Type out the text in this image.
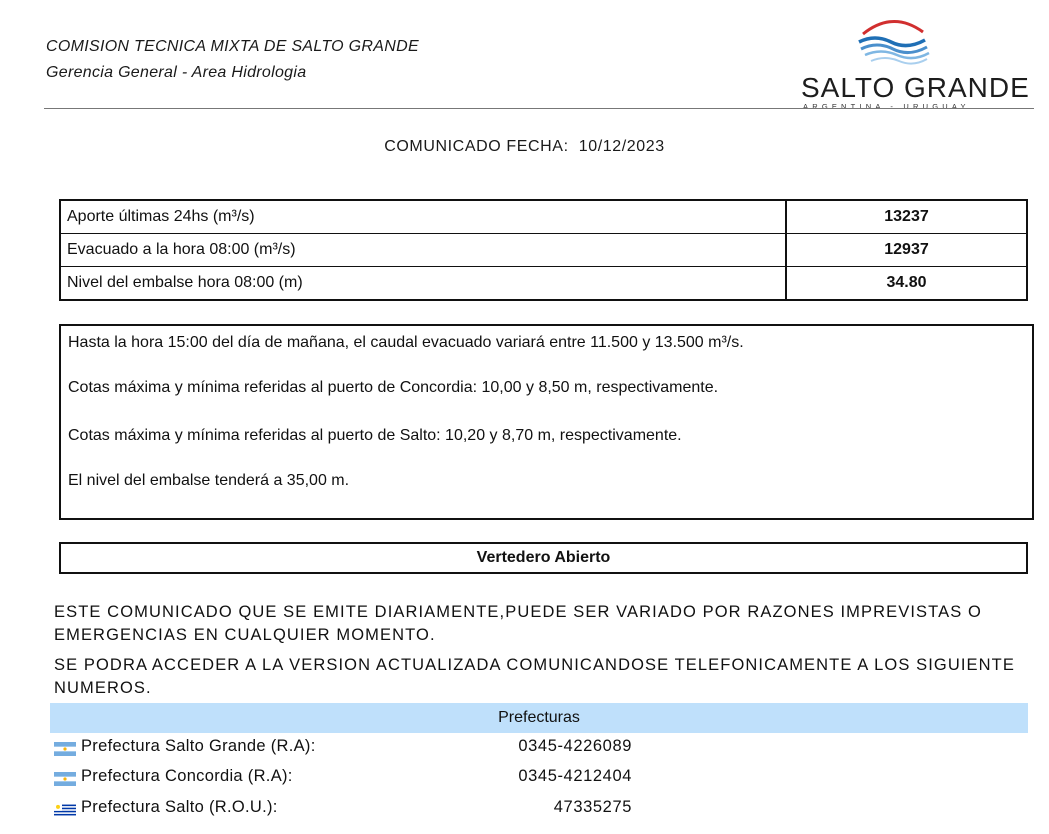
COMISION TECNICA MIXTA DE SALTO GRANDE
Gerencia General - Area Hidrologia	SALTO GRANDE
ARGENTINA - URUGUAY
COMUNICADO FECHA: 10/12/2023
Aporte últimas 24hs (m³/s)	13237
Evacuado a la hora 08:00 (m³/s)	12937
Nivel del embalse hora 08:00 (m)	34.80

Hasta la hora 15:00 del día de mañana, el caudal evacuado variará entre 11.500 y 13.500 m³/s.

Cotas máxima y mínima referidas al puerto de Concordia: 10,00 y 8,50 m, respectivamente.

Cotas máxima y mínima referidas al puerto de Salto: 10,20 y 8,70 m, respectivamente.

El nivel del embalse tenderá a 35,00 m.

Vertedero Abierto

ESTE COMUNICADO QUE SE EMITE DIARIAMENTE,PUEDE SER VARIADO POR RAZONES IMPREVISTAS O EMERGENCIAS EN CUALQUIER MOMENTO.

SE PODRA ACCEDER A LA VERSION ACTUALIZADA COMUNICANDOSE TELEFONICAMENTE A LOS SIGUIENTE NUMEROS.

Prefecturas
Prefectura Salto Grande (R.A):	0345-4226089
Prefectura Concordia (R.A):	0345-4212404
Prefectura Salto (R.O.U.):	47335275
